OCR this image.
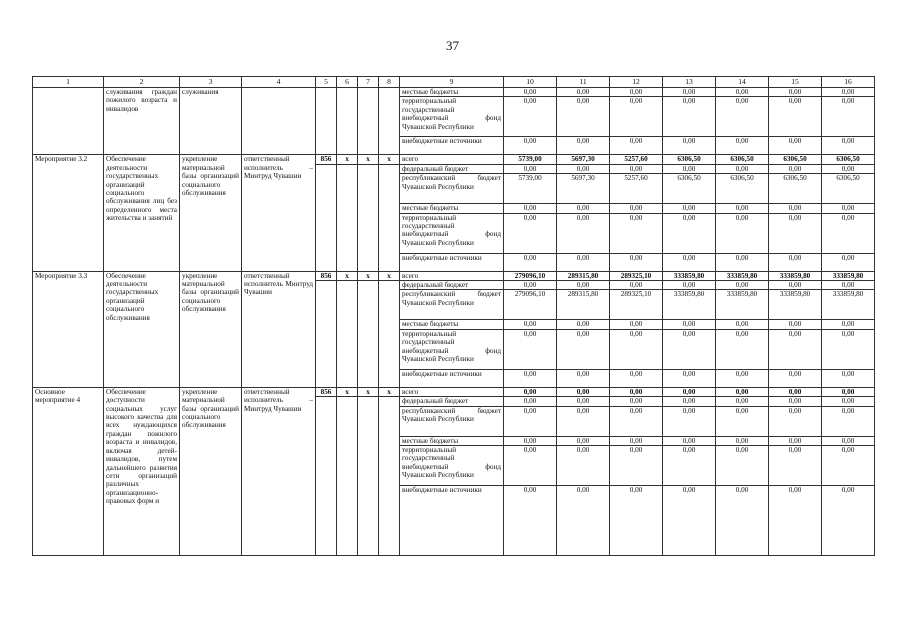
37
1	2	3	4	5	6	7	8	9	10	11	12	13	14	15	16
	служивания граждан пожилого возраста и инвалидов	служивания						местные бюджеты	0,00	0,00	0,00	0,00	0,00	0,00	0,00
								территориальный государственный внебюджетный фонд Чувашской Республики	0,00	0,00	0,00	0,00	0,00	0,00	0,00
								внебюджетные источники	0,00	0,00	0,00	0,00	0,00	0,00	0,00
Мероприятие 3.2	Обеспечение деятельности государственных организаций социального обслуживания лиц без определенного места жительства и занятий	укрепление материальной базы организаций социального обслуживания	ответственный исполнитель – Минтруд Чувашии	856	x	x	x	всего	5739,00	5697,30	5257,60	6306,50	6306,50	6306,50	6306,50
								федеральный бюджет	0,00	0,00	0,00	0,00	0,00	0,00	0,00
								республиканский бюджет Чувашской Республики	5739,00	5697,30	5257,60	6306,50	6306,50	6306,50	6306,50
								местные бюджеты	0,00	0,00	0,00	0,00	0,00	0,00	0,00
								территориальный государственный внебюджетный фонд Чувашской Республики	0,00	0,00	0,00	0,00	0,00	0,00	0,00
								внебюджетные источники	0,00	0,00	0,00	0,00	0,00	0,00	0,00
Мероприятие 3.3	Обеспечение деятельности государственных организаций социального обслуживания	укрепление материальной базы организаций социального обслуживания	ответственный исполнитель Минтруд Чувашии	856	x	x	x	всего	279096,10	289315,80	289325,10	333859,80	333859,80	333859,80	333859,80
								федеральный бюджет	0,00	0,00	0,00	0,00	0,00	0,00	0,00
								республиканский бюджет Чувашской Республики	279096,10	289315,80	289325,10	333859,80	333859,80	333859,80	333859,80
								местные бюджеты	0,00	0,00	0,00	0,00	0,00	0,00	0,00
								территориальный государственный внебюджетный фонд Чувашской Республики	0,00	0,00	0,00	0,00	0,00	0,00	0,00
								внебюджетные источники	0,00	0,00	0,00	0,00	0,00	0,00	0,00
Основное мероприятие 4	Обеспечение доступности социальных услуг высокого качества для всех нуждающихся граждан пожилого возраста и инвалидов, включая детей-инвалидов, путем дальнейшего развития сети организаций различных организационно-правовых форм и	укрепление материальной базы организаций социального обслуживания	ответственный исполнитель – Минтруд Чувашии	856	x	x	x	всего	0,00	0,00	0,00	0,00	0,00	0,00	0,00
								федеральный бюджет	0,00	0,00	0,00	0,00	0,00	0,00	0,00
								республиканский бюджет Чувашской Республики	0,00	0,00	0,00	0,00	0,00	0,00	0,00
								местные бюджеты	0,00	0,00	0,00	0,00	0,00	0,00	0,00
								территориальный государственный внебюджетный фонд Чувашской Республики	0,00	0,00	0,00	0,00	0,00	0,00	0,00
								внебюджетные источники	0,00	0,00	0,00	0,00	0,00	0,00	0,00
